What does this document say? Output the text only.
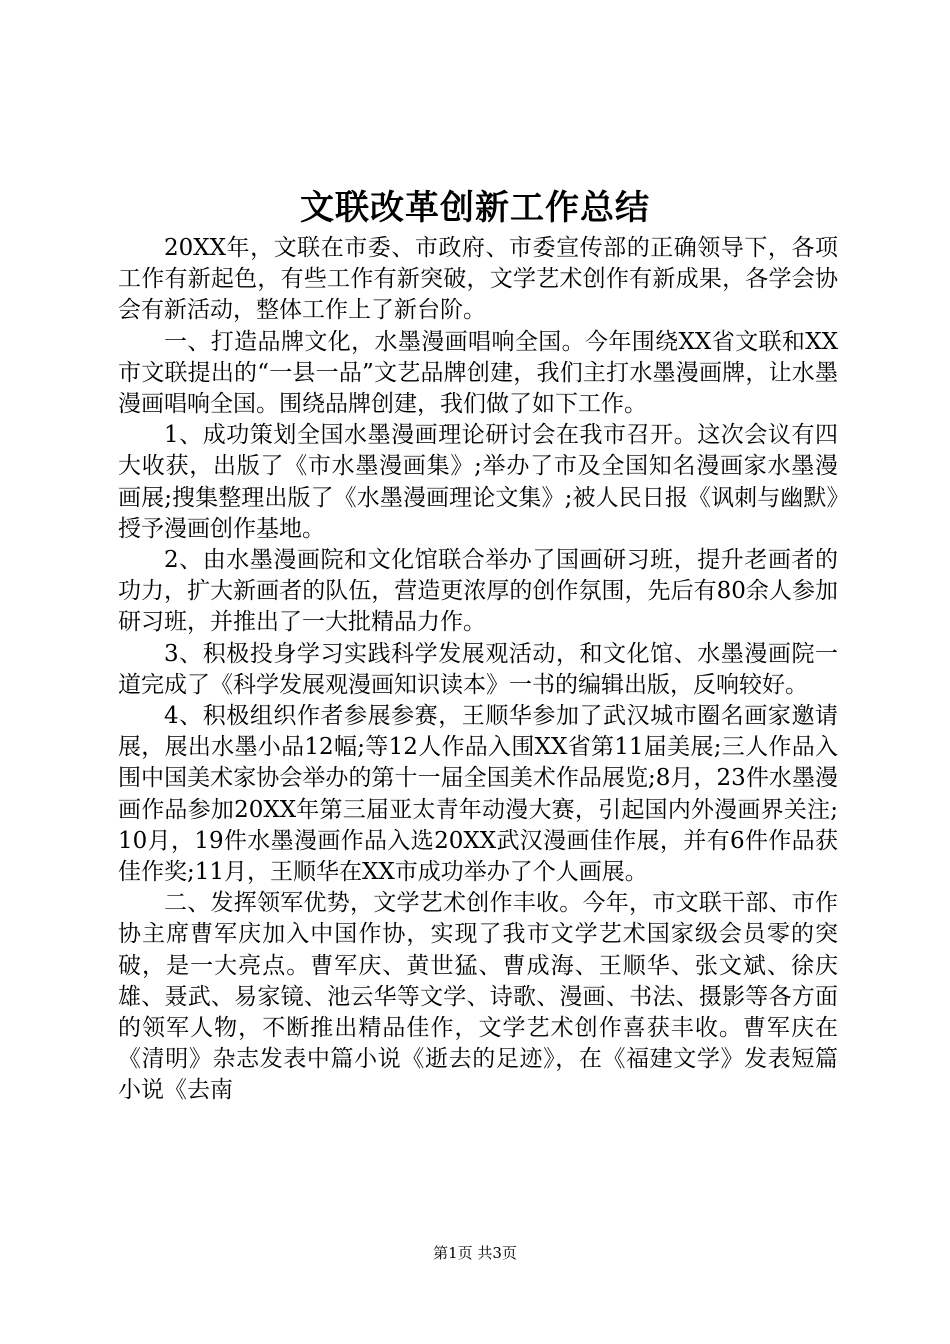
文联改革创新工作总结

20XX年，文联在市委、市政府、市委宣传部的正确领导下，各项工作有新起色，有些工作有新突破，文学艺术创作有新成果，各学会协会有新活动，整体工作上了新台阶。

一、打造品牌文化，水墨漫画唱响全国。今年围绕XX省文联和XX市文联提出的“一县一品”文艺品牌创建，我们主打水墨漫画牌，让水墨漫画唱响全国。围绕品牌创建，我们做了如下工作。

1、成功策划全国水墨漫画理论研讨会在我市召开。这次会议有四大收获，出版了《市水墨漫画集》;举办了市及全国知名漫画家水墨漫画展;搜集整理出版了《水墨漫画理论文集》;被人民日报《讽刺与幽默》授予漫画创作基地。

2、由水墨漫画院和文化馆联合举办了国画研习班，提升老画者的功力，扩大新画者的队伍，营造更浓厚的创作氛围，先后有80余人参加研习班，并推出了一大批精品力作。

3、积极投身学习实践科学发展观活动，和文化馆、水墨漫画院一道完成了《科学发展观漫画知识读本》一书的编辑出版，反响较好。

4、积极组织作者参展参赛，王顺华参加了武汉城市圈名画家邀请展，展出水墨小品12幅;等12人作品入围XX省第11届美展;三人作品入围中国美术家协会举办的第十一届全国美术作品展览;8月，23件水墨漫画作品参加20XX年第三届亚太青年动漫大赛，引起国内外漫画界关注;10月，19件水墨漫画作品入选20XX武汉漫画佳作展，并有6件作品获佳作奖;11月，王顺华在XX市成功举办了个人画展。

二、发挥领军优势，文学艺术创作丰收。今年，市文联干部、市作协主席曹军庆加入中国作协，实现了我市文学艺术国家级会员零的突破，是一大亮点。曹军庆、黄世猛、曹成海、王顺华、张文斌、徐庆雄、聂武、易家镜、池云华等文学、诗歌、漫画、书法、摄影等各方面的领军人物，不断推出精品佳作，文学艺术创作喜获丰收。曹军庆在《清明》杂志发表中篇小说《逝去的足迹》，在《福建文学》发表短篇小说《去南

第1页 共3页
